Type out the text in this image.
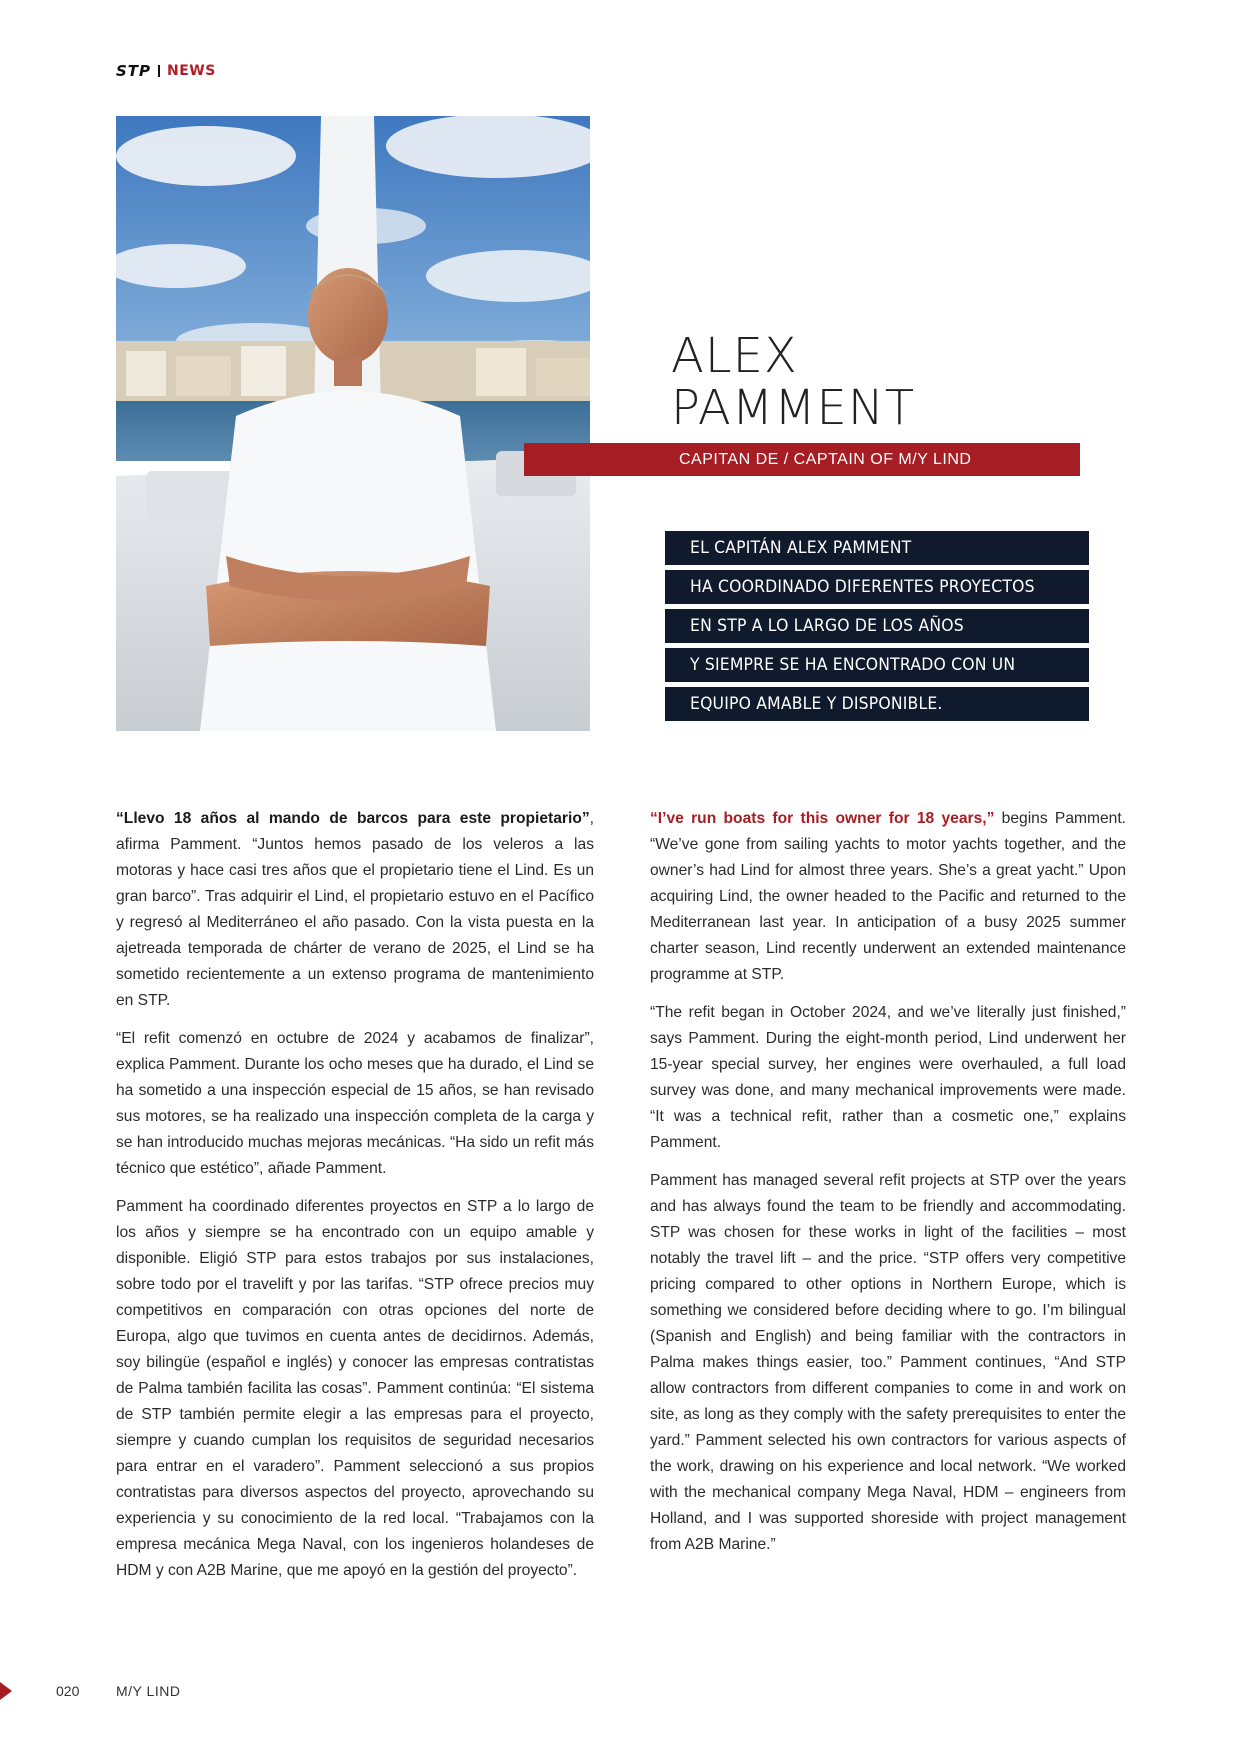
STP NEWS
ALEX
PAMMENT
CAPITAN DE / CAPTAIN OF M/Y LIND
EL CAPITÁN ALEX PAMMENT
HA COORDINADO DIFERENTES PROYECTOS
EN STP A LO LARGO DE LOS AÑOS
Y SIEMPRE SE HA ENCONTRADO CON UN
EQUIPO AMABLE Y DISPONIBLE.

“Llevo 18 años al mando de barcos para este propietario”, afirma Pamment. “Juntos hemos pasado de los veleros a las motoras y hace casi tres años que el propietario tiene el Lind. Es un gran barco”. Tras adquirir el Lind, el propietario estuvo en el Pacífico y regresó al Mediterráneo el año pasado. Con la vista puesta en la ajetreada temporada de chárter de verano de 2025, el Lind se ha sometido recientemente a un extenso programa de mantenimiento en STP.

“El refit comenzó en octubre de 2024 y acabamos de finalizar”, explica Pamment. Durante los ocho meses que ha durado, el Lind se ha sometido a una inspección especial de 15 años, se han revisado sus motores, se ha realizado una inspección completa de la carga y se han introducido muchas mejoras mecánicas. “Ha sido un refit más técnico que estético”, añade Pamment.

Pamment ha coordinado diferentes proyectos en STP a lo largo de los años y siempre se ha encontrado con un equipo amable y disponible. Eligió STP para estos trabajos por sus instalaciones, sobre todo por el travelift y por las tarifas. “STP ofrece precios muy competitivos en comparación con otras opciones del norte de Europa, algo que tuvimos en cuenta antes de decidirnos. Además, soy bilingüe (español e inglés) y conocer las empresas contratistas de Palma también facilita las cosas”. Pamment continúa: “El sistema de STP también permite elegir a las empresas para el proyecto, siempre y cuando cumplan los requisitos de seguridad necesarios para entrar en el varadero”. Pamment seleccionó a sus propios contratistas para diversos aspectos del proyecto, aprovechando su experiencia y su conocimiento de la red local. “Trabajamos con la empresa mecánica Mega Naval, con los ingenieros holandeses de HDM y con A2B Marine, que me apoyó en la gestión del proyecto”.

“I’ve run boats for this owner for 18 years,” begins Pamment. “We’ve gone from sailing yachts to motor yachts together, and the owner’s had Lind for almost three years. She’s a great yacht.” Upon acquiring Lind, the owner headed to the Pacific and returned to the Mediterranean last year. In anticipation of a busy 2025 summer charter season, Lind recently underwent an extended maintenance programme at STP.

“The refit began in October 2024, and we’ve literally just finished,” says Pamment. During the eight-month period, Lind underwent her 15-year special survey, her engines were overhauled, a full load survey was done, and many mechanical improvements were made. “It was a technical refit, rather than a cosmetic one,” explains Pamment.

Pamment has managed several refit projects at STP over the years and has always found the team to be friendly and accommodating. STP was chosen for these works in light of the facilities – most notably the travel lift – and the price. “STP offers very competitive pricing compared to other options in Northern Europe, which is something we considered before deciding where to go. I’m bilingual (Spanish and English) and being familiar with the contractors in Palma makes things easier, too.” Pamment continues, “And STP allow contractors from different companies to come in and work on site, as long as they comply with the safety prerequisites to enter the yard.” Pamment selected his own contractors for various aspects of the work, drawing on his experience and local network. “We worked with the mechanical company Mega Naval, HDM – engineers from Holland, and I was supported shoreside with project management from A2B Marine.”

020	M/Y LIND
